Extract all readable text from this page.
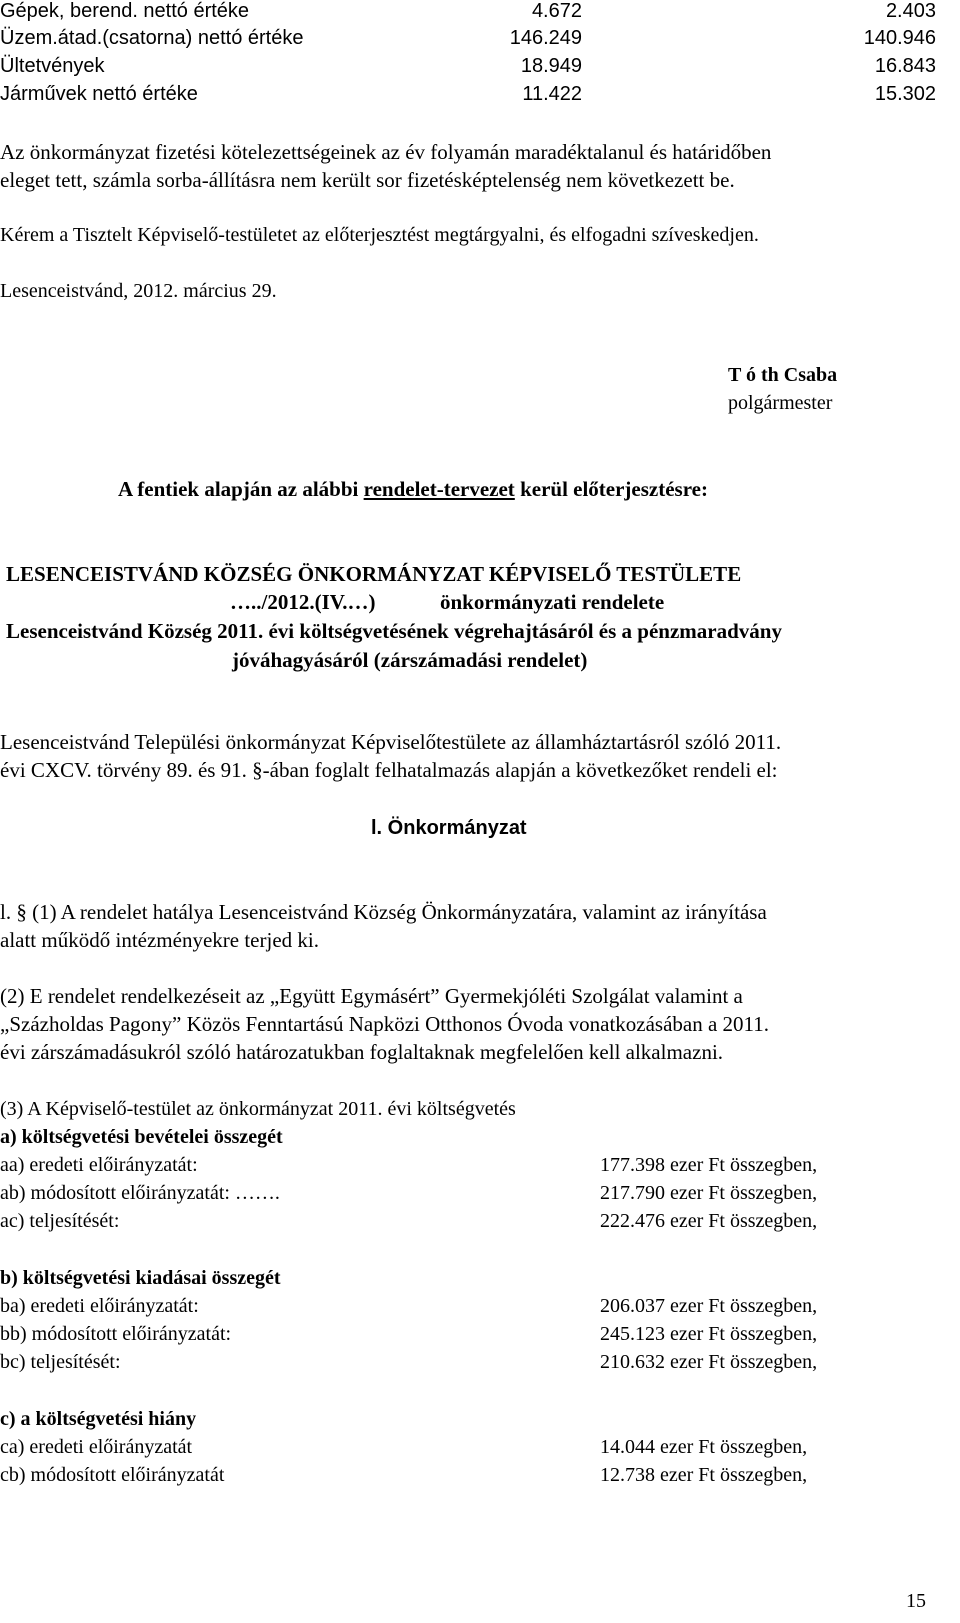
Gépek, berend. nettó értéke	4.672	2.403
Üzem.átad.(csatorna) nettó értéke	146.249	140.946
Ültetvények	18.949	16.843
Járművek nettó értéke	11.422	15.302
Az önkormányzat fizetési kötelezettségeinek az év folyamán maradéktalanul és határidőben
eleget tett, számla sorba-állításra nem került sor fizetésképtelenség nem következett be.
Kérem a Tisztelt Képviselő-testületet az előterjesztést megtárgyalni, és elfogadni szíveskedjen.
Lesenceistvánd, 2012. március 29.
T ó th Csaba
polgármester
A fentiek alapján az alábbi rendelet-tervezet kerül előterjesztésre:
LESENCEISTVÁND KÖZSÉG ÖNKORMÁNYZAT KÉPVISELŐ TESTÜLETE
…../2012.(IV.…)	önkormányzati rendelete
Lesenceistvánd Község 2011. évi költségvetésének végrehajtásáról és a pénzmaradvány
jóváhagyásáról (zárszámadási rendelet)
Lesenceistvánd Települési önkormányzat Képviselőtestülete az államháztartásról szóló 2011.
évi CXCV. törvény 89. és 91. §-ában foglalt felhatalmazás alapján a következőket rendeli el:
l. Önkormányzat
l. § (1) A rendelet hatálya Lesenceistvánd Község Önkormányzatára, valamint az irányítása
alatt működő intézményekre terjed ki.
(2) E rendelet rendelkezéseit az „Együtt Egymásért” Gyermekjóléti Szolgálat valamint a
„Százholdas Pagony” Közös Fenntartású Napközi Otthonos Óvoda vonatkozásában a 2011.
évi zárszámadásukról szóló határozatukban foglaltaknak megfelelően kell alkalmazni.
(3) A Képviselő-testület az önkormányzat 2011. évi költségvetés
a) költségvetési bevételei összegét
aa) eredeti előirányzatát:	177.398 ezer Ft összegben,
ab) módosított előirányzatát: …….	217.790 ezer Ft összegben,
ac) teljesítését:	222.476 ezer Ft összegben,
b) költségvetési kiadásai összegét
ba) eredeti előirányzatát:	206.037 ezer Ft összegben,
bb) módosított előirányzatát:	245.123 ezer Ft összegben,
bc) teljesítését:	210.632 ezer Ft összegben,
c) a költségvetési hiány
ca) eredeti előirányzatát	14.044 ezer Ft összegben,
cb) módosított előirányzatát	12.738 ezer Ft összegben,
15
